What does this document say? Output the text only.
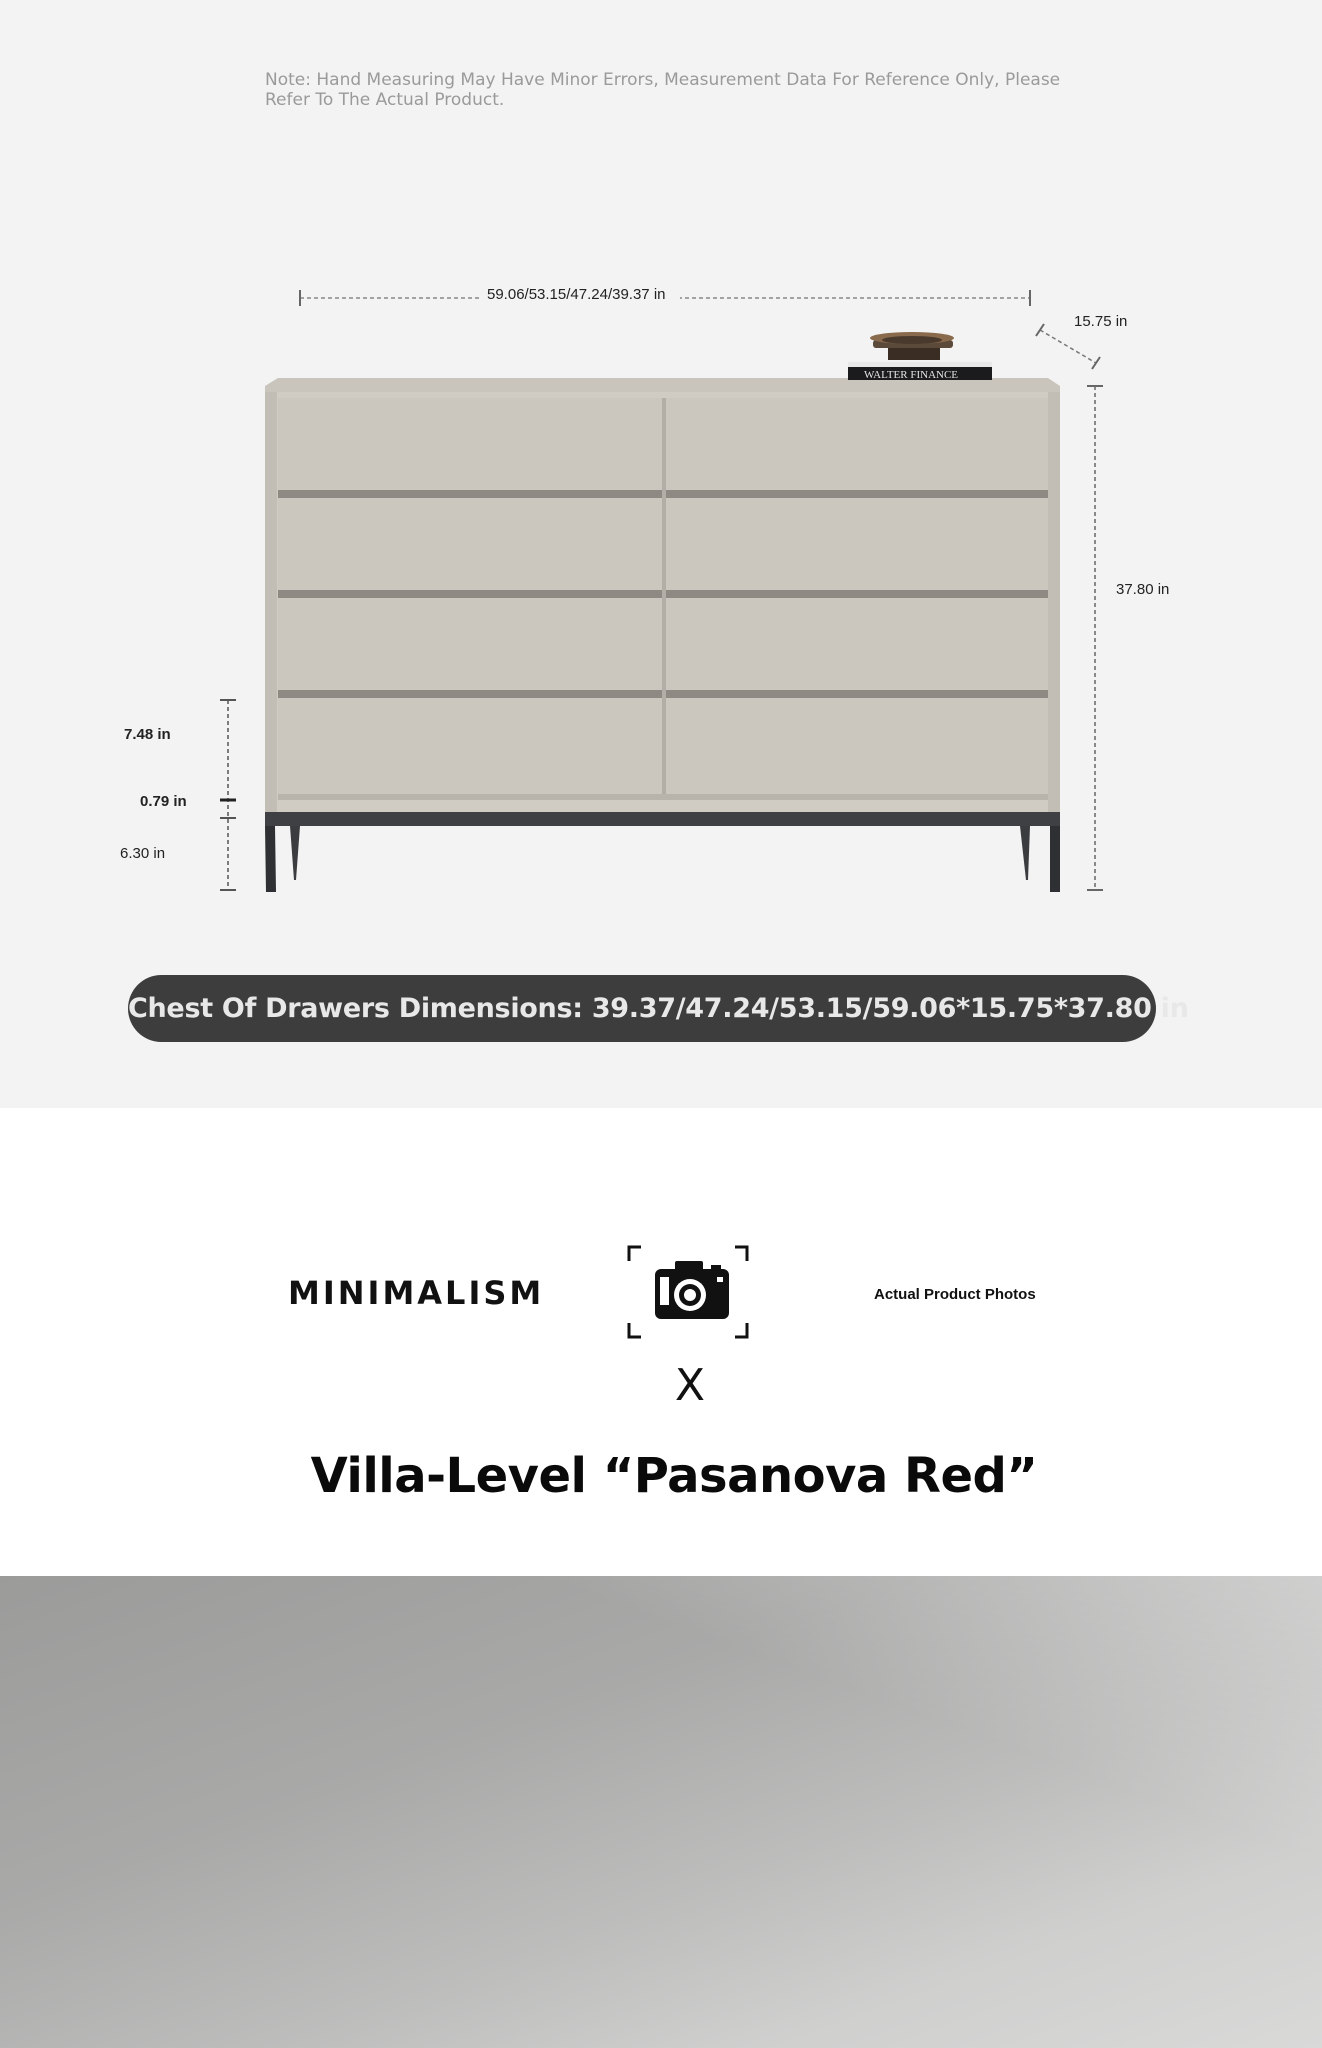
Note: Hand Measuring May Have Minor Errors, Measurement Data For Reference Only, Please Refer To The Actual Product.
59.06/53.15/47.24/39.37 in
15.75 in
37.80 in
7.48 in
0.79 in
6.30 in
WALTER FINANCE
Chest Of Drawers Dimensions: 39.37/47.24/53.15/59.06*15.75*37.80 in
MINIMALISM	Actual Product Photos
X
Villa-Level “Pasanova Red”
